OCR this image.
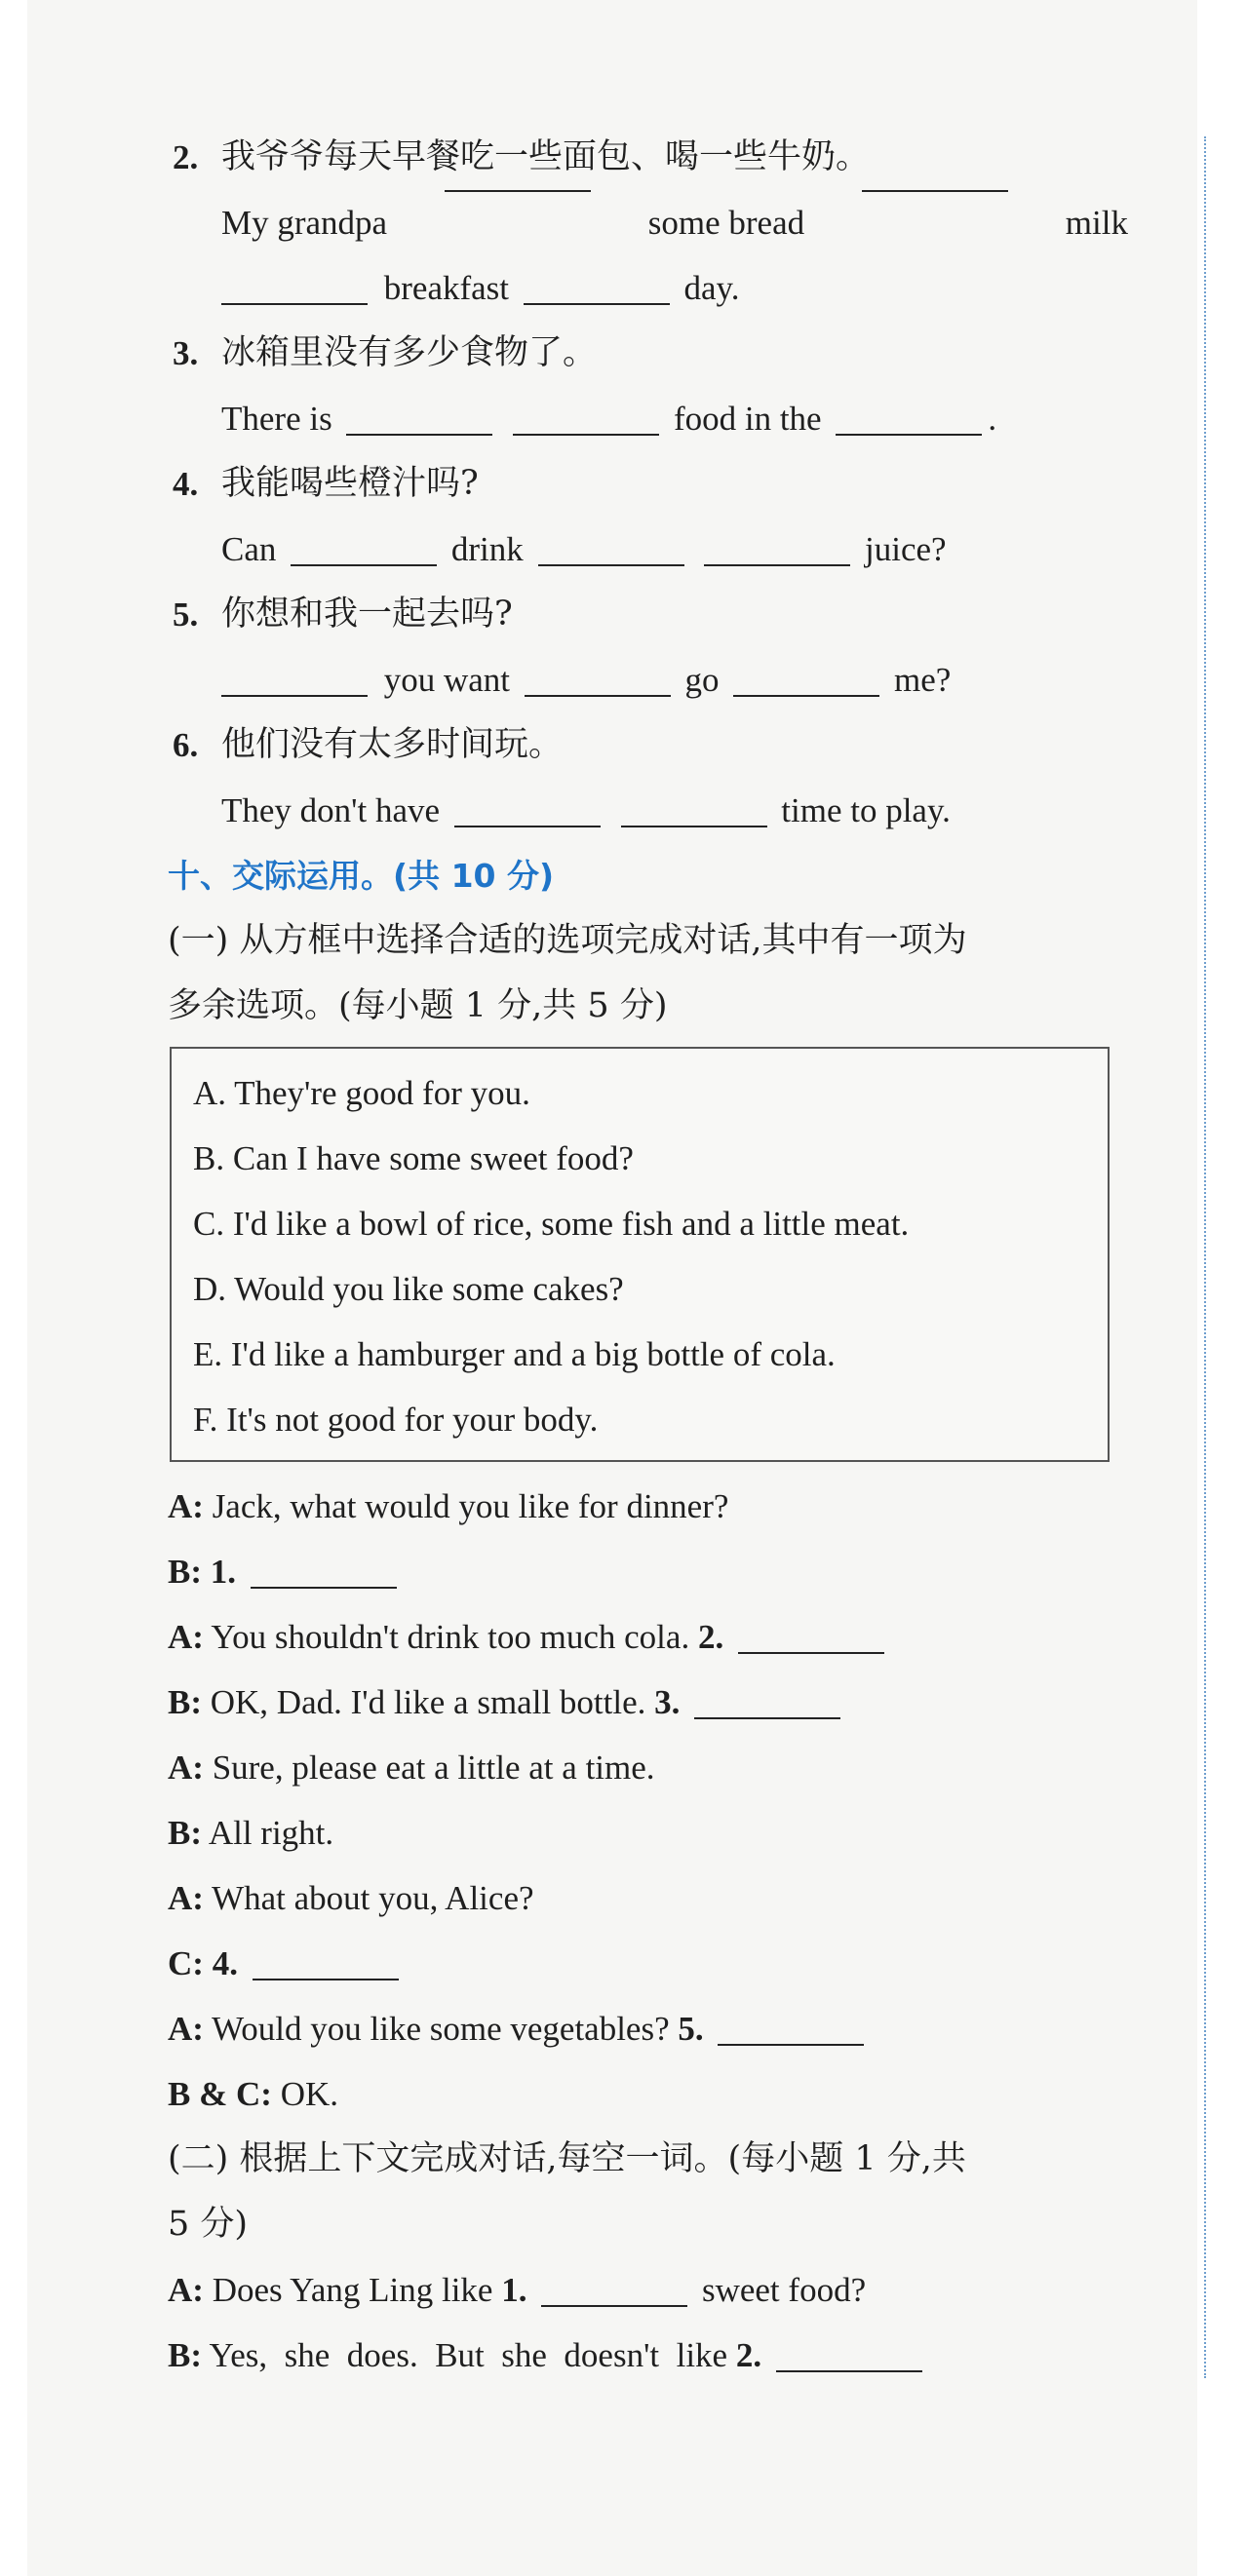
2. 我爷爷每天早餐吃一些面包、喝一些牛奶。
My grandpa	some bread	milk
breakfast	day.
3. 冰箱里没有多少食物了。
There is	food in the	.
4. 我能喝些橙汁吗?
Can	drink	juice?
5. 你想和我一起去吗?
you want	go	me?
6. 他们没有太多时间玩。
They don't have	time to play.
十、交际运用。(共 10 分)
(一) 从方框中选择合适的选项完成对话,其中有一项为
多余选项。(每小题 1 分,共 5 分)
A. They're good for you.
B. Can I have some sweet food?
C. I'd like a bowl of rice, some fish and a little meat.
D. Would you like some cakes?
E. I'd like a hamburger and a big bottle of cola.
F. It's not good for your body.
A: Jack, what would you like for dinner?
B: 1.
A: You shouldn't drink too much cola. 2.
B: OK, Dad. I'd like a small bottle. 3.
A: Sure, please eat a little at a time.
B: All right.
A: What about you, Alice?
C: 4.
A: Would you like some vegetables? 5.
B & C: OK.
(二) 根据上下文完成对话,每空一词。(每小题 1 分,共
5 分)
A: Does Yang Ling like 1.	sweet food?
B: Yes,  she  does.  But  she  doesn't  like 2.
